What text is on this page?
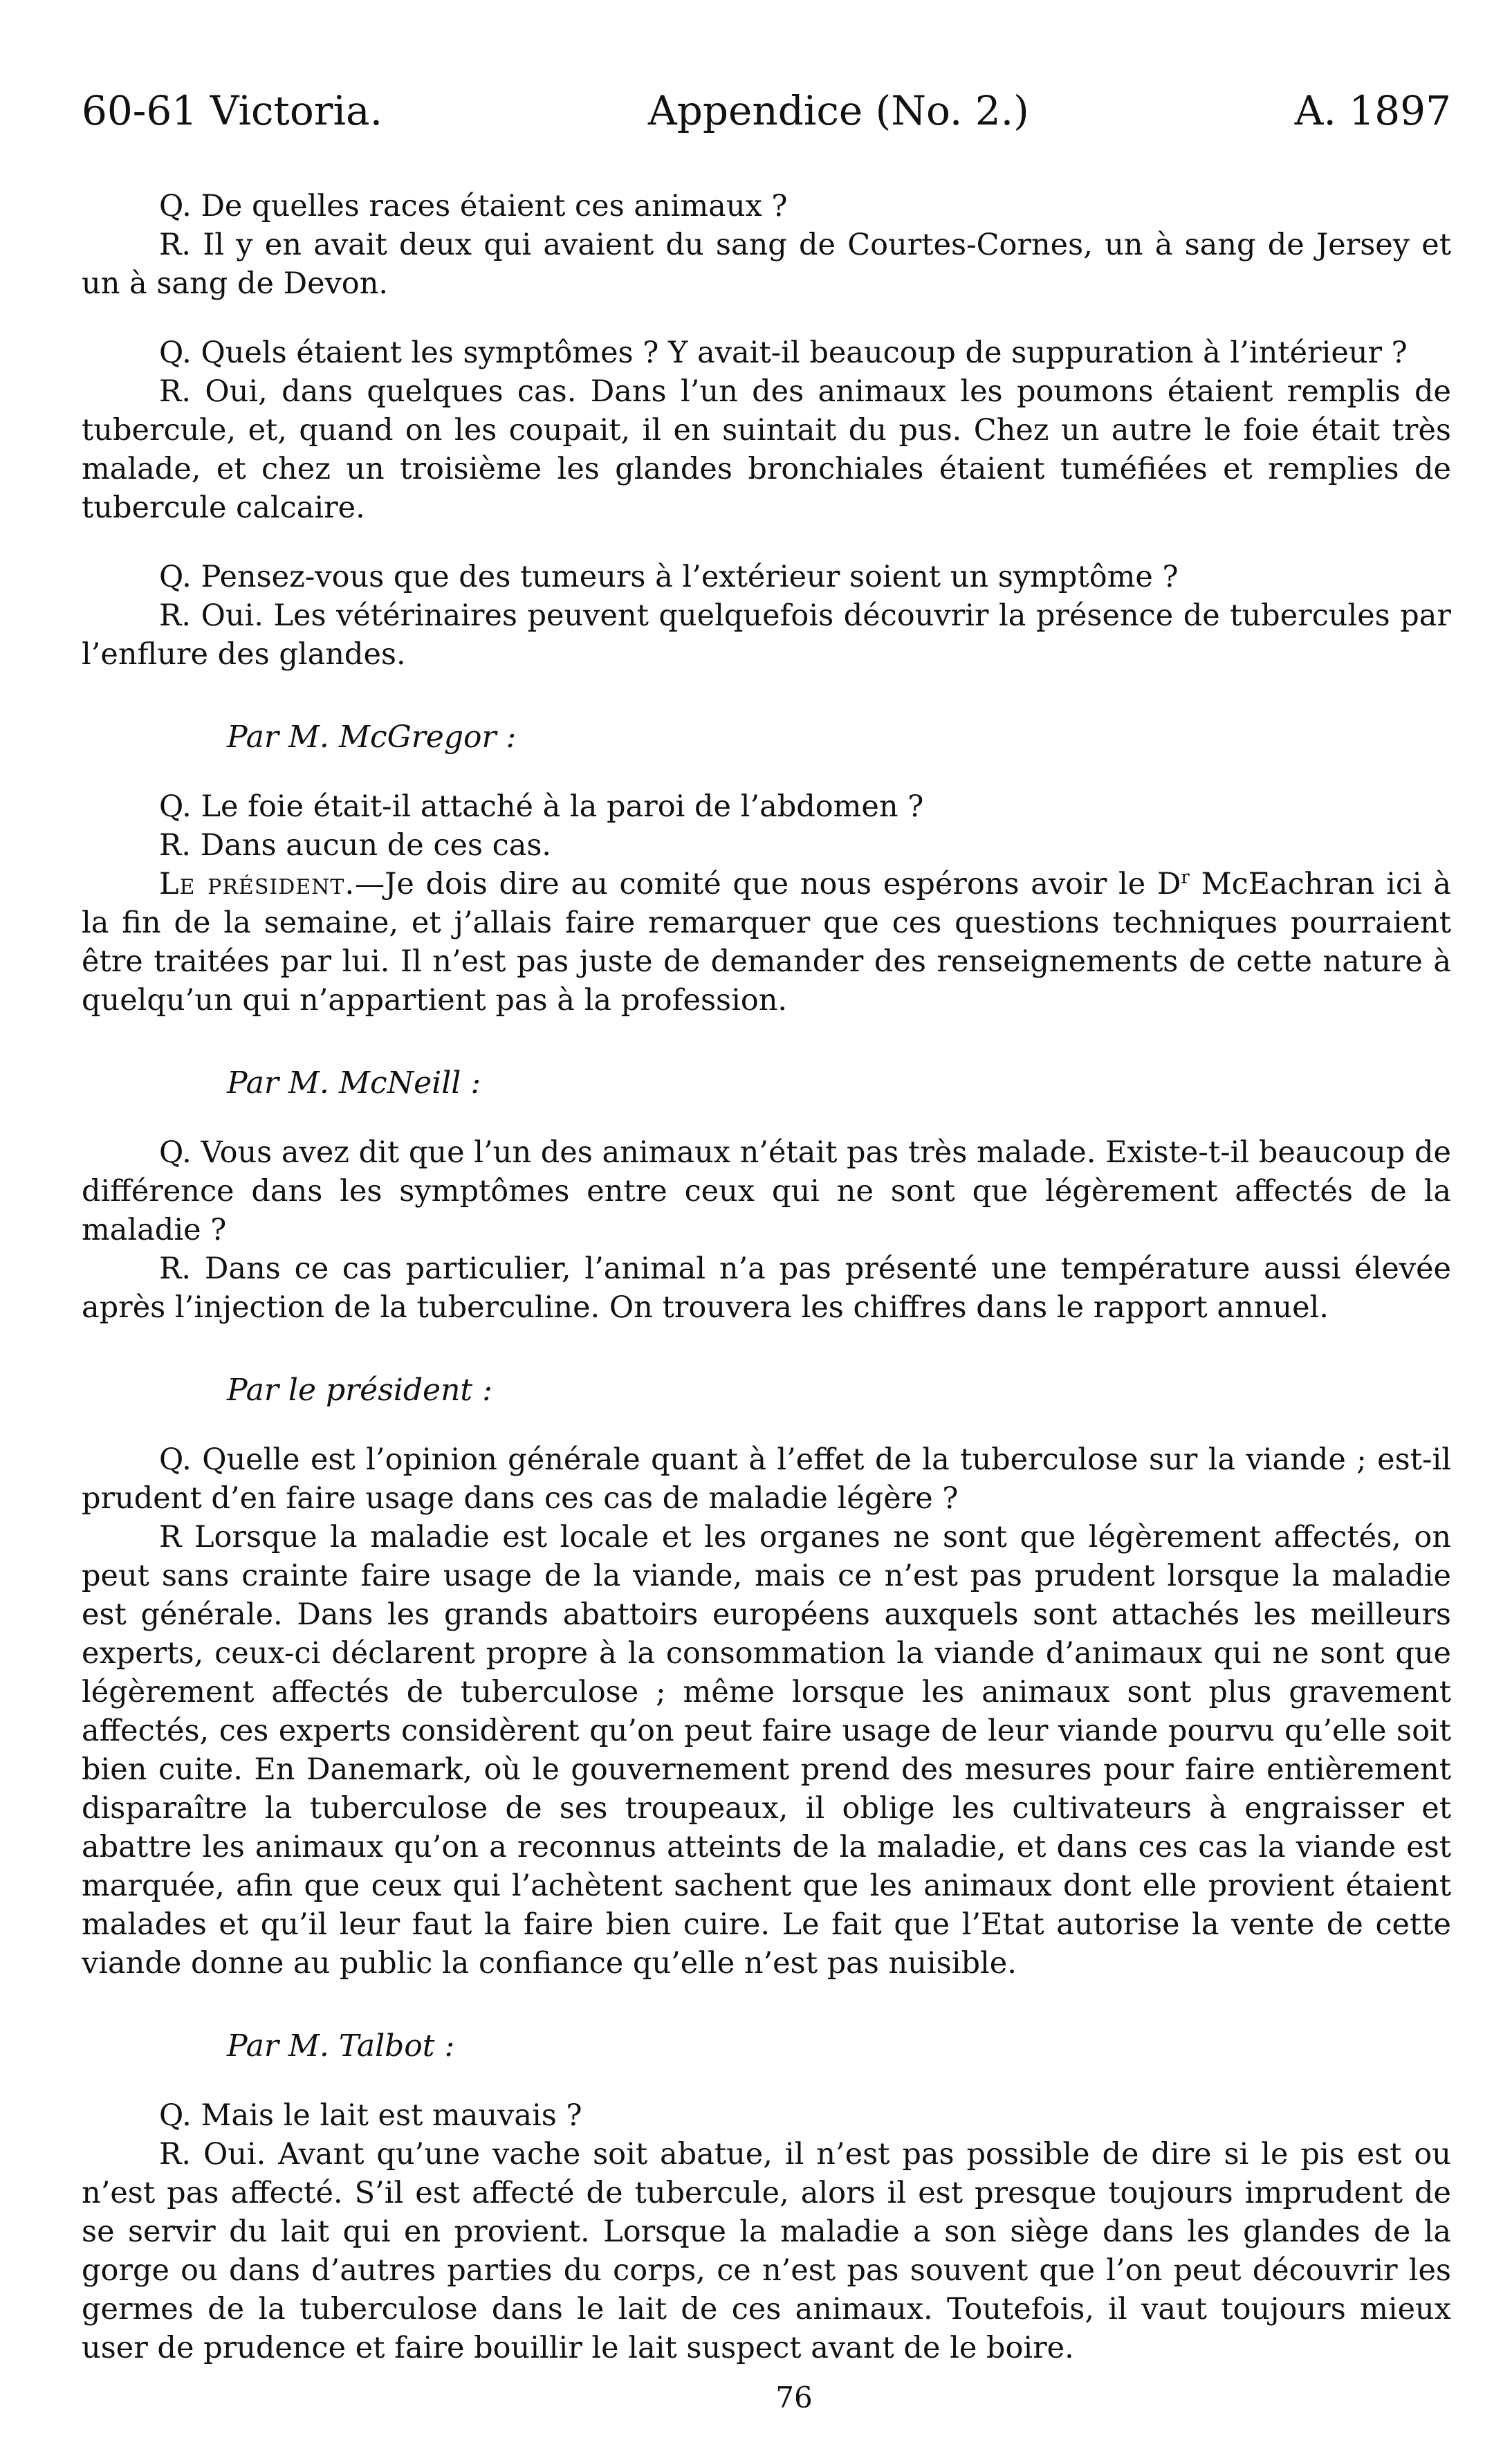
60-61 Victoria.	Appendice (No. 2.)	A. 1897

Q. De quelles races étaient ces animaux ?

R. Il y en avait deux qui avaient du sang de Courtes-Cornes, un à sang de Jersey et un à sang de Devon.

Q. Quels étaient les symptômes ? Y avait-il beaucoup de suppuration à l’intérieur ?

R. Oui, dans quelques cas. Dans l’un des animaux les poumons étaient remplis de tubercule, et, quand on les coupait, il en suintait du pus. Chez un autre le foie était très malade, et chez un troisième les glandes bronchiales étaient tuméfiées et remplies de tubercule calcaire.

Q. Pensez-vous que des tumeurs à l’extérieur soient un symptôme ?

R. Oui. Les vétérinaires peuvent quelquefois découvrir la présence de tubercules par l’enflure des glandes.

Par M. McGregor :

Q. Le foie était-il attaché à la paroi de l’abdomen ?

R. Dans aucun de ces cas.

Le président.—Je dois dire au comité que nous espérons avoir le $D^r$ McEachran ici à la fin de la semaine, et j’allais faire remarquer que ces questions techniques pourraient être traitées par lui. Il n’est pas juste de demander des renseignements de cette nature à quelqu’un qui n’appartient pas à la profession.

Par M. McNeill :

Q. Vous avez dit que l’un des animaux n’était pas très malade. Existe-t-il beaucoup de différence dans les symptômes entre ceux qui ne sont que légèrement affectés de la maladie ?

R. Dans ce cas particulier, l’animal n’a pas présenté une température aussi élevée après l’injection de la tuberculine. On trouvera les chiffres dans le rapport annuel.

Par le président :

Q. Quelle est l’opinion générale quant à l’effet de la tuberculose sur la viande ; est-il prudent d’en faire usage dans ces cas de maladie légère ?

R Lorsque la maladie est locale et les organes ne sont que légèrement affectés, on peut sans crainte faire usage de la viande, mais ce n’est pas prudent lorsque la maladie est générale. Dans les grands abattoirs européens auxquels sont attachés les meilleurs experts, ceux-ci déclarent propre à la consommation la viande d’animaux qui ne sont que légèrement affectés de tuberculose ; même lorsque les animaux sont plus gravement affectés, ces experts considèrent qu’on peut faire usage de leur viande pourvu qu’elle soit bien cuite. En Danemark, où le gouvernement prend des mesures pour faire entièrement disparaître la tuberculose de ses troupeaux, il oblige les cultivateurs à engraisser et abattre les animaux qu’on a reconnus atteints de la maladie, et dans ces cas la viande est marquée, afin que ceux qui l’achètent sachent que les animaux dont elle provient étaient malades et qu’il leur faut la faire bien cuire. Le fait que l’Etat autorise la vente de cette viande donne au public la confiance qu’elle n’est pas nuisible.

Par M. Talbot :

Q. Mais le lait est mauvais ?

R. Oui. Avant qu’une vache soit abatue, il n’est pas possible de dire si le pis est ou n’est pas affecté. S’il est affecté de tubercule, alors il est presque toujours imprudent de se servir du lait qui en provient. Lorsque la maladie a son siège dans les glandes de la gorge ou dans d’autres parties du corps, ce n’est pas souvent que l’on peut découvrir les germes de la tuberculose dans le lait de ces animaux. Toutefois, il vaut toujours mieux user de prudence et faire bouillir le lait suspect avant de le boire.

76
